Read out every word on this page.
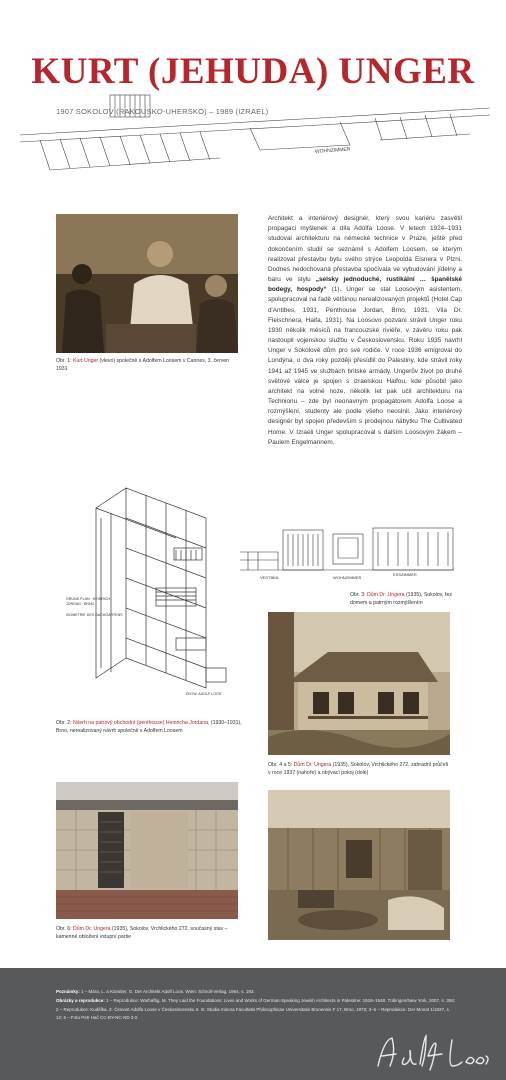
WOHNZIMMER
KURT (JEHUDA) UNGER
1907 SOKOLOV (RAKOUSKO-UHERSKO) – 1989 (IZRAEL)
Obr. 1: Kurt Unger (vlevo) společně s Adolfem Loosem v Cannes, 3. červen 1931
Architekt a interiérový designér, který svou kariéru zasvětil propagaci myšlenek a díla Adolfa Loose. V letech 1924–1931 studoval architekturu na německé technice v Praze, ještě před dokončením studií se seznámil s Adolfem Loosem, se kterým realizoval přestavbu bytu svého strýce Leopolda Eisnera v Plzni. Dodnes nedochovaná přestavba spočívala ve vybudování jídelny a baru ve stylu „selsky jednoduché, rustikální … španělské bodegy, hospody“ (1). Unger se stal Loosovým asistentem, spolupracoval na řadě většinou nerealizovaných projektů (Hotel Cap d'Antibes, 1931, Penthouse Jordan, Brno, 1931, Vila Dr. Fleischnera, Haifa, 1931). Na Loosovo pozvání strávil Unger roku 1930 několik měsíců na francouzské riviéře, v závěru roku pak nastoupil vojenskou službu v Československu. Roku 1935 navrhl Unger v Sokolově dům pro své rodiče. V roce 1936 emigroval do Londýna, o dva roky později přesídlil do Palestiny, kde strávil roky 1941 až 1945 ve službách britské armády. Ungerův život po druhé světové válce je spojen s izraelskou Haifou, kde působil jako architekt na volné noze, několik let pak učil architekturu na Technionu – zde byl neúnavným propagátorem Adolfa Loose a rozmýšlení, studenty ale podle všeho neoslnil. Jako interiérový designér byl spojen především s prodejnou nábytku The Cultivated Home. V Izraeli Unger spolupracoval s dalším Loosovým žákem – Paulem Engelmannem.
GRUND PLAN · HEINRICH
JORDAN · BRNO
ISOMETRIE DES DACHGARTENS
ENTW. ADOLF LOOS
Obr. 2: Návrh na patrový obchodní (penthouse) Heinricha Jordana, (1930–1931), Brno, nerealizovaný návrh společně s Adolfem Loosem
ESSZIMMER
WOHNZIMMER
VESTIBÜL
Obr. 3: Dům Dr. Ungera (1935), Sokolov, řez domem a patrným rozmýšlením
Obr. 4 a 5: Dům Dr. Ungera (1935), Sokolov, Vrchlického 272, zahradní průčelí v roce 1937 (nahoře) a obývací pokoj (dole)
Obr. 6: Dům Dr. Ungera (1935), Sokolov, Vrchlického 272, současný stav – kamenné obložení vstupní partie
Poznámky: 1 – Mára, L. a Künstler, G. Der Architekt Adolf Loos. Wien: Schroll-Verlag, 1964, s. 193.
Obrázky a reprodukce: 1 – Reprodukce: Warhaftig, M. They Laid the Foundations: Lives and Works of German-Speaking Jewish Architects in Palestine: 1918–1948. Tübingen/New York, 2007, s. 356; 2 – Reprodukce: Kudělka, Z. Činnost Adolfa Loose v Československu II. In: Studia minora Facultatis Philosophicae Universitatis Brunensis F 17, Brno, 1973; 3–5 – Reprodukce: Der Monat 1/1937, s. 12; 6 – Foto Petr Hač CC-BY-NC-ND 3.0.
